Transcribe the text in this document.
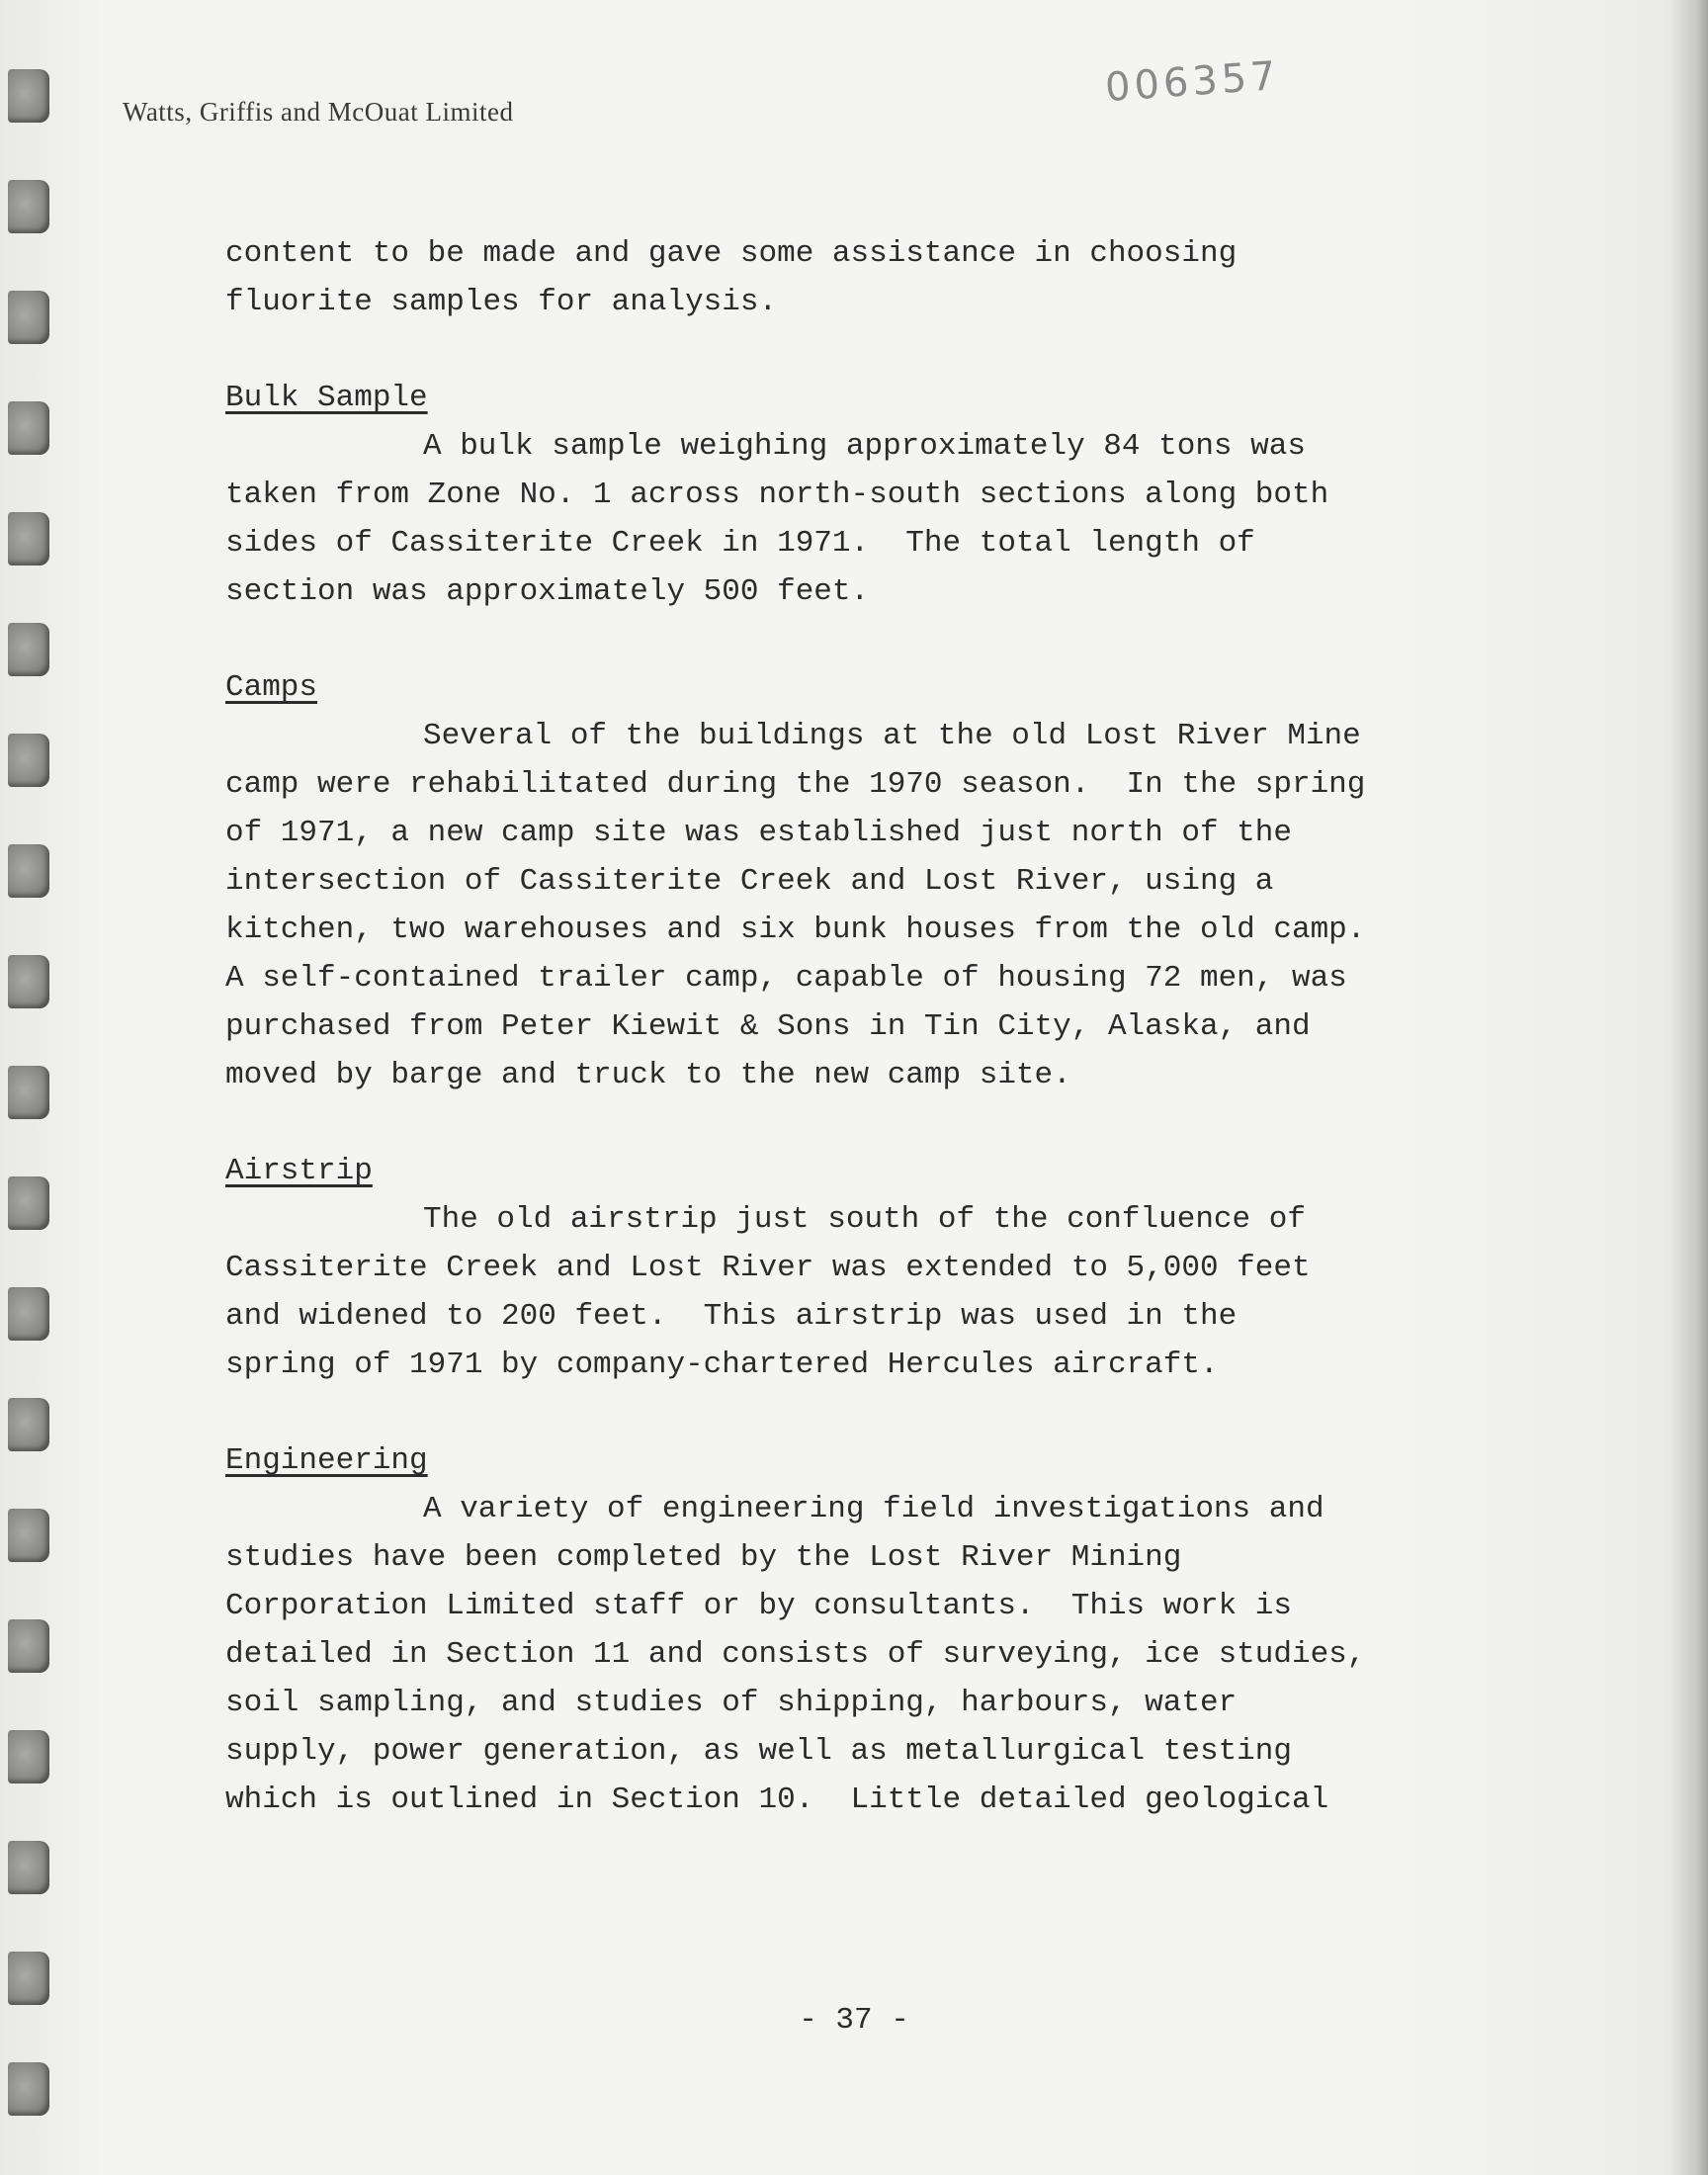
Watts, Griffis and McOuat Limited
006357

content to be made and gave some assistance in choosing
fluorite samples for analysis.

Bulk Sample

A bulk sample weighing approximately 84 tons was
taken from Zone No. 1 across north-south sections along both
sides of Cassiterite Creek in 1971.  The total length of
section was approximately 500 feet.

Camps

Several of the buildings at the old Lost River Mine
camp were rehabilitated during the 1970 season.  In the spring
of 1971, a new camp site was established just north of the
intersection of Cassiterite Creek and Lost River, using a
kitchen, two warehouses and six bunk houses from the old camp.
A self-contained trailer camp, capable of housing 72 men, was
purchased from Peter Kiewit & Sons in Tin City, Alaska, and
moved by barge and truck to the new camp site.

Airstrip

The old airstrip just south of the confluence of
Cassiterite Creek and Lost River was extended to 5,000 feet
and widened to 200 feet.  This airstrip was used in the
spring of 1971 by company-chartered Hercules aircraft.

Engineering

A variety of engineering field investigations and
studies have been completed by the Lost River Mining
Corporation Limited staff or by consultants.  This work is
detailed in Section 11 and consists of surveying, ice studies,
soil sampling, and studies of shipping, harbours, water
supply, power generation, as well as metallurgical testing
which is outlined in Section 10.  Little detailed geological

- 37 -
